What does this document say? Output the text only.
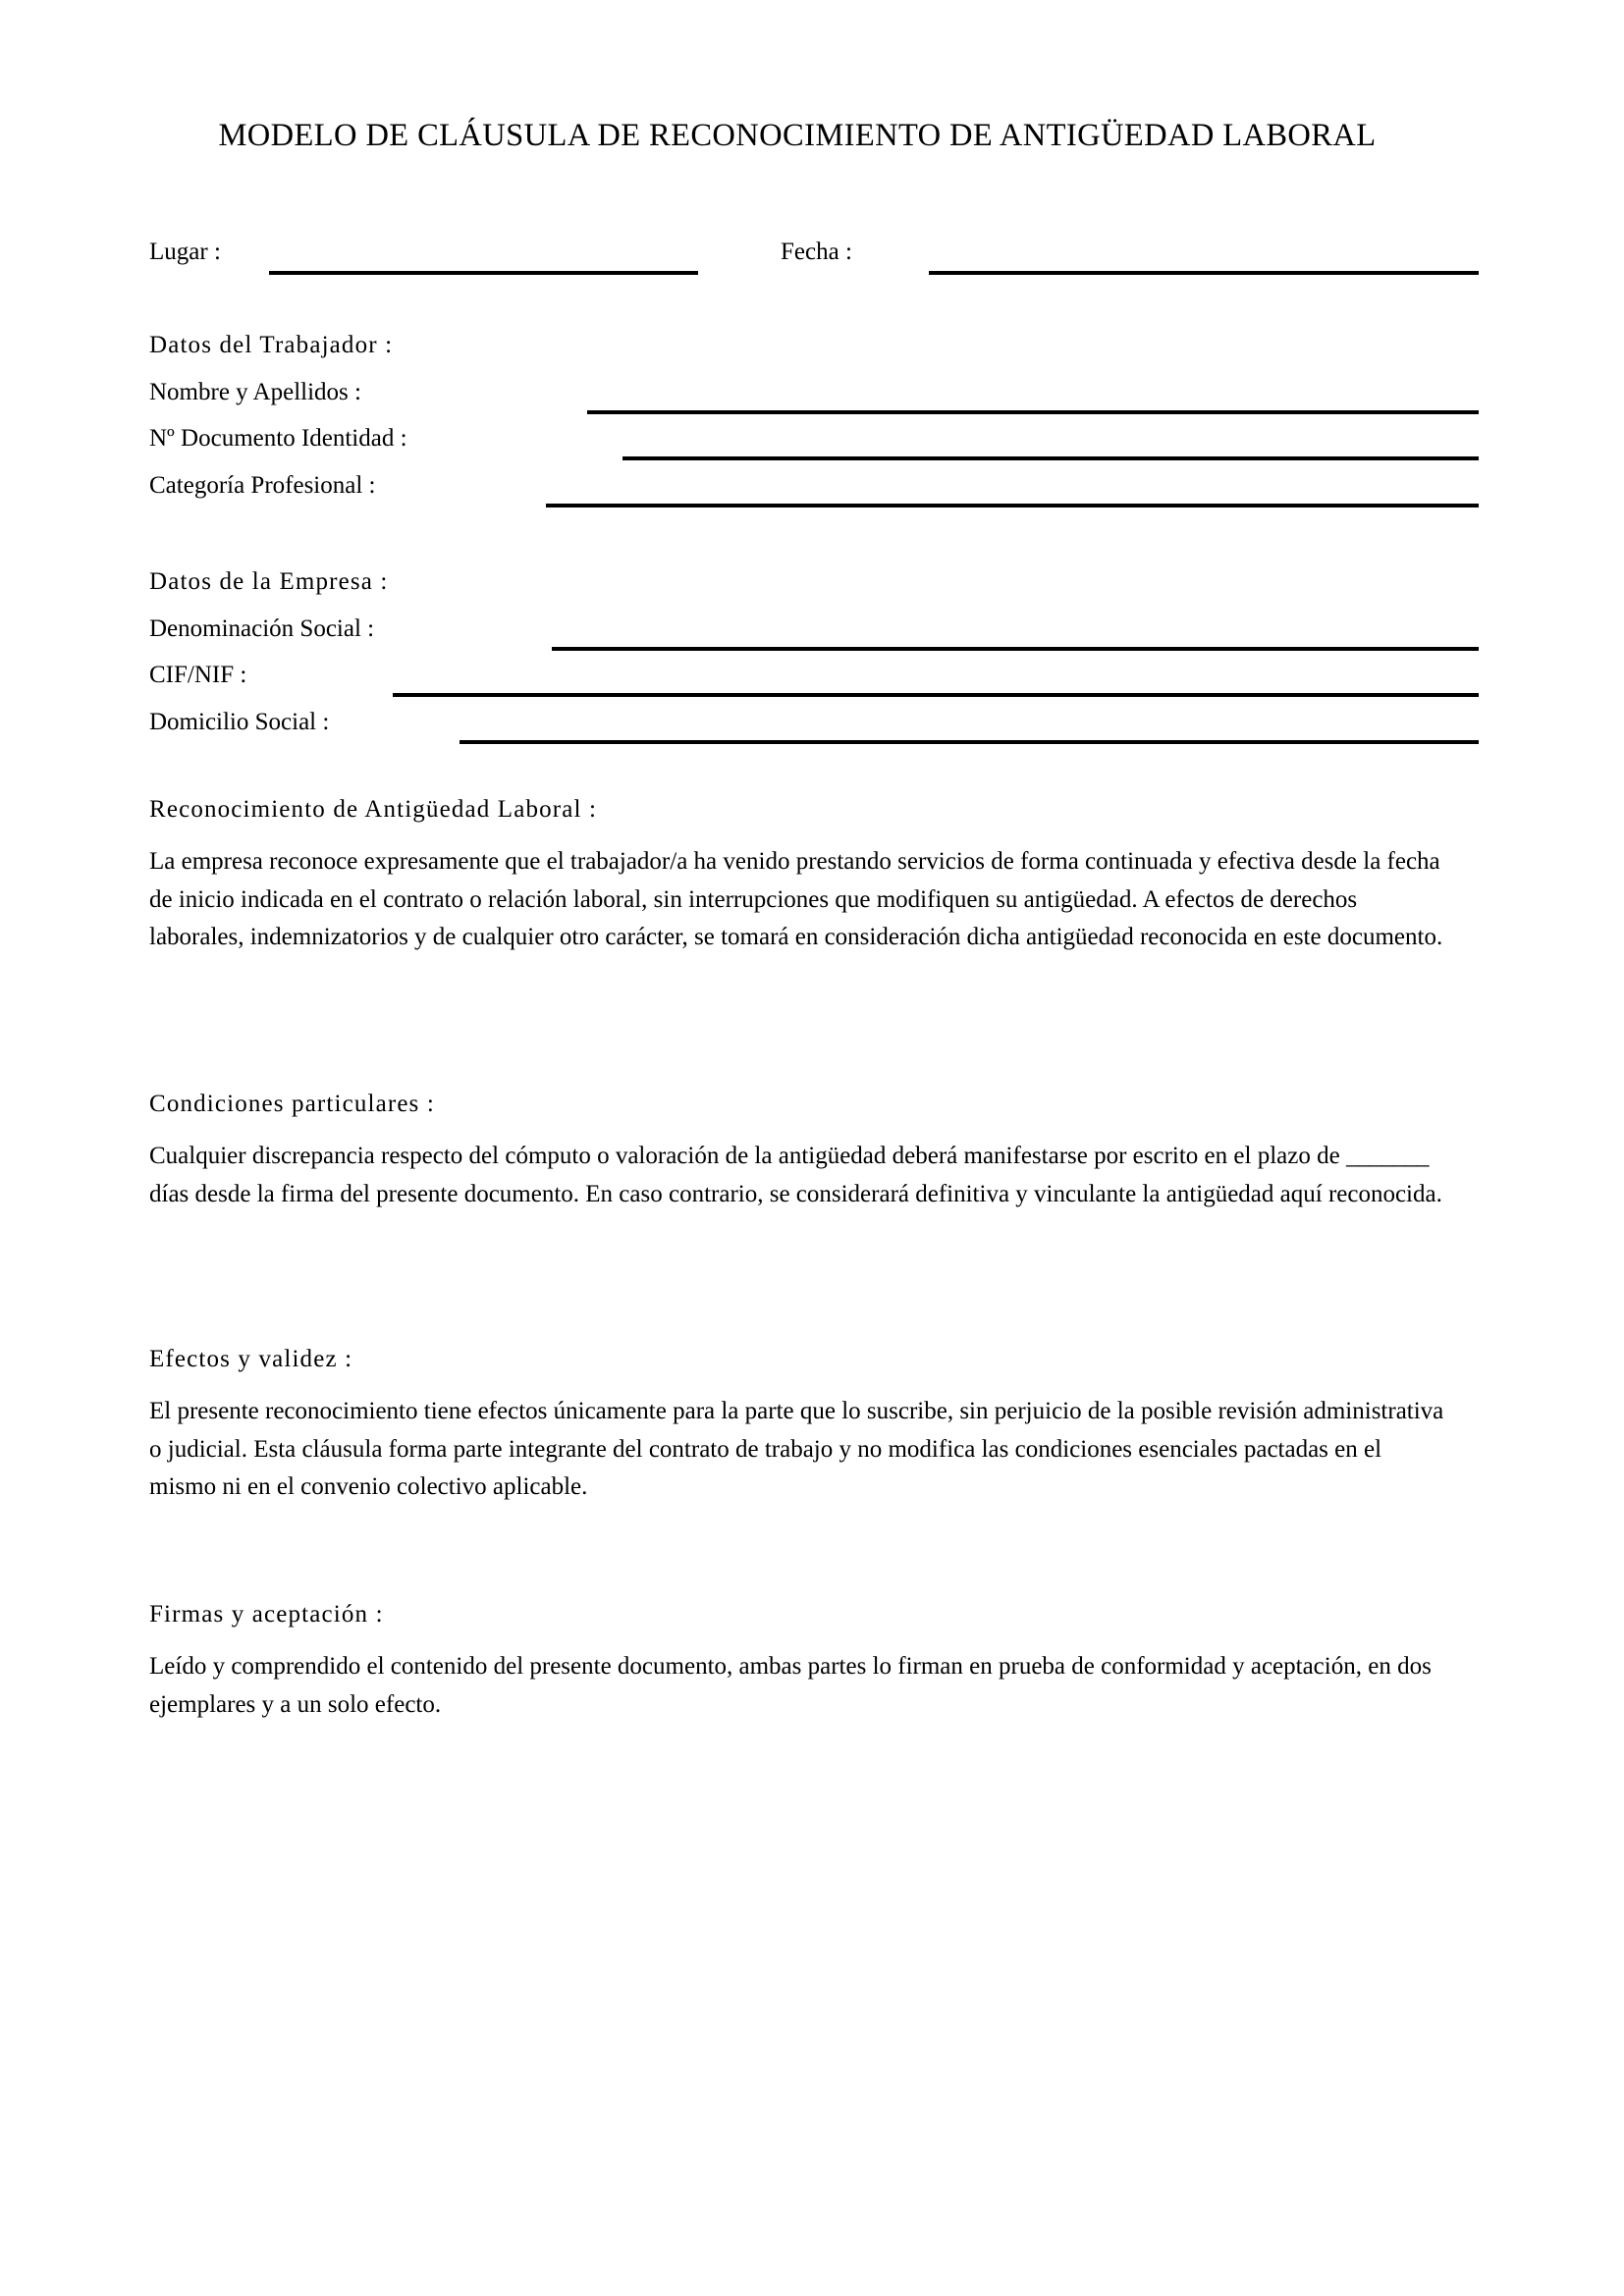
MODELO DE CLÁUSULA DE RECONOCIMIENTO DE ANTIGÜEDAD LABORAL
Lugar :	Fecha :
Datos del Trabajador :
Nombre y Apellidos :
Nº Documento Identidad :
Categoría Profesional :
Datos de la Empresa :
Denominación Social :
CIF/NIF :
Domicilio Social :
Reconocimiento de Antigüedad Laboral :
La empresa reconoce expresamente que el trabajador/a ha venido prestando servicios de forma continuada y efectiva desde la fecha de inicio indicada en el contrato o relación laboral, sin interrupciones que modifiquen su antigüedad. A efectos de derechos laborales, indemnizatorios y de cualquier otro carácter, se tomará en consideración dicha antigüedad reconocida en este documento.
Condiciones particulares :
Cualquier discrepancia respecto del cómputo o valoración de la antigüedad deberá manifestarse por escrito en el plazo de _______ días desde la firma del presente documento. En caso contrario, se considerará definitiva y vinculante la antigüedad aquí reconocida.
Efectos y validez :
El presente reconocimiento tiene efectos únicamente para la parte que lo suscribe, sin perjuicio de la posible revisión administrativa o judicial. Esta cláusula forma parte integrante del contrato de trabajo y no modifica las condiciones esenciales pactadas en el mismo ni en el convenio colectivo aplicable.
Firmas y aceptación :
Leído y comprendido el contenido del presente documento, ambas partes lo firman en prueba de conformidad y aceptación, en dos ejemplares y a un solo efecto.
